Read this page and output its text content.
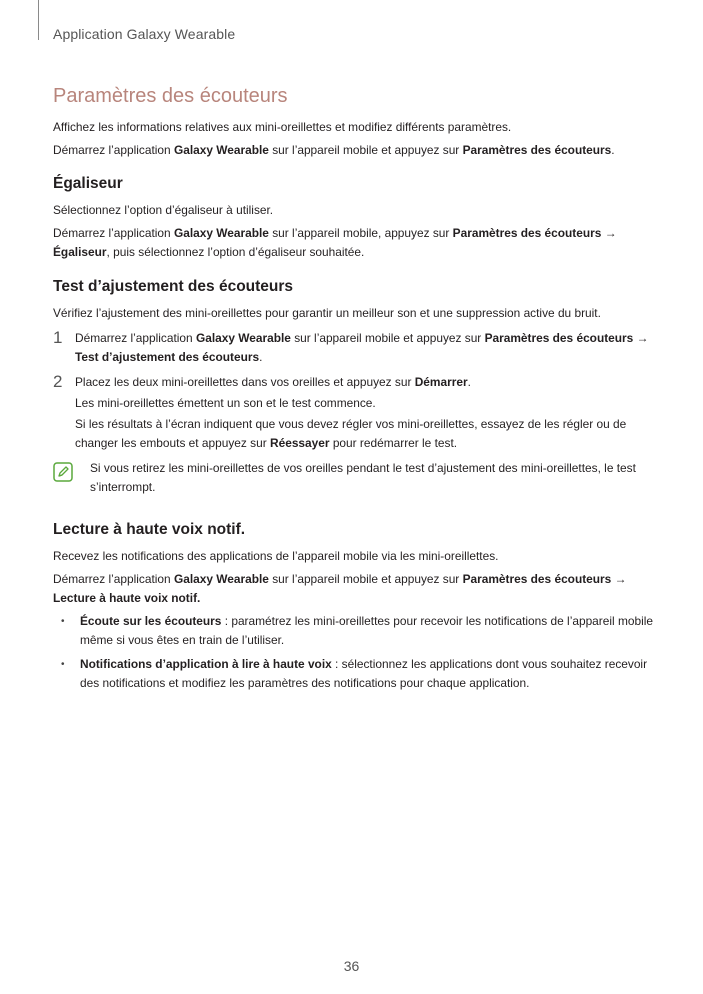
Application Galaxy Wearable
Paramètres des écouteurs

Affichez les informations relatives aux mini-oreillettes et modifiez différents paramètres.

Démarrez l’application Galaxy Wearable sur l’appareil mobile et appuyez sur Paramètres des écouteurs.

Égaliseur

Sélectionnez l’option d’égaliseur à utiliser.

Démarrez l’application Galaxy Wearable sur l’appareil mobile, appuyez sur Paramètres des écouteurs → Égaliseur, puis sélectionnez l’option d’égaliseur souhaitée.

Test d’ajustement des écouteurs

Vérifiez l’ajustement des mini-oreillettes pour garantir un meilleur son et une suppression active du bruit.

1 Démarrez l’application Galaxy Wearable sur l’appareil mobile et appuyez sur Paramètres des écouteurs → Test d’ajustement des écouteurs.

2 Placez les deux mini-oreillettes dans vos oreilles et appuyez sur Démarrer.

Les mini-oreillettes émettent un son et le test commence.

Si les résultats à l’écran indiquent que vous devez régler vos mini-oreillettes, essayez de les régler ou de changer les embouts et appuyez sur Réessayer pour redémarrer le test.

Si vous retirez les mini-oreillettes de vos oreilles pendant le test d’ajustement des mini-oreillettes, le test s’interrompt.

Lecture à haute voix notif.

Recevez les notifications des applications de l’appareil mobile via les mini-oreillettes.

Démarrez l’application Galaxy Wearable sur l’appareil mobile et appuyez sur Paramètres des écouteurs → Lecture à haute voix notif.

• Écoute sur les écouteurs : paramétrez les mini-oreillettes pour recevoir les notifications de l’appareil mobile même si vous êtes en train de l’utiliser.
• Notifications d’application à lire à haute voix : sélectionnez les applications dont vous souhaitez recevoir des notifications et modifiez les paramètres des notifications pour chaque application.
36
